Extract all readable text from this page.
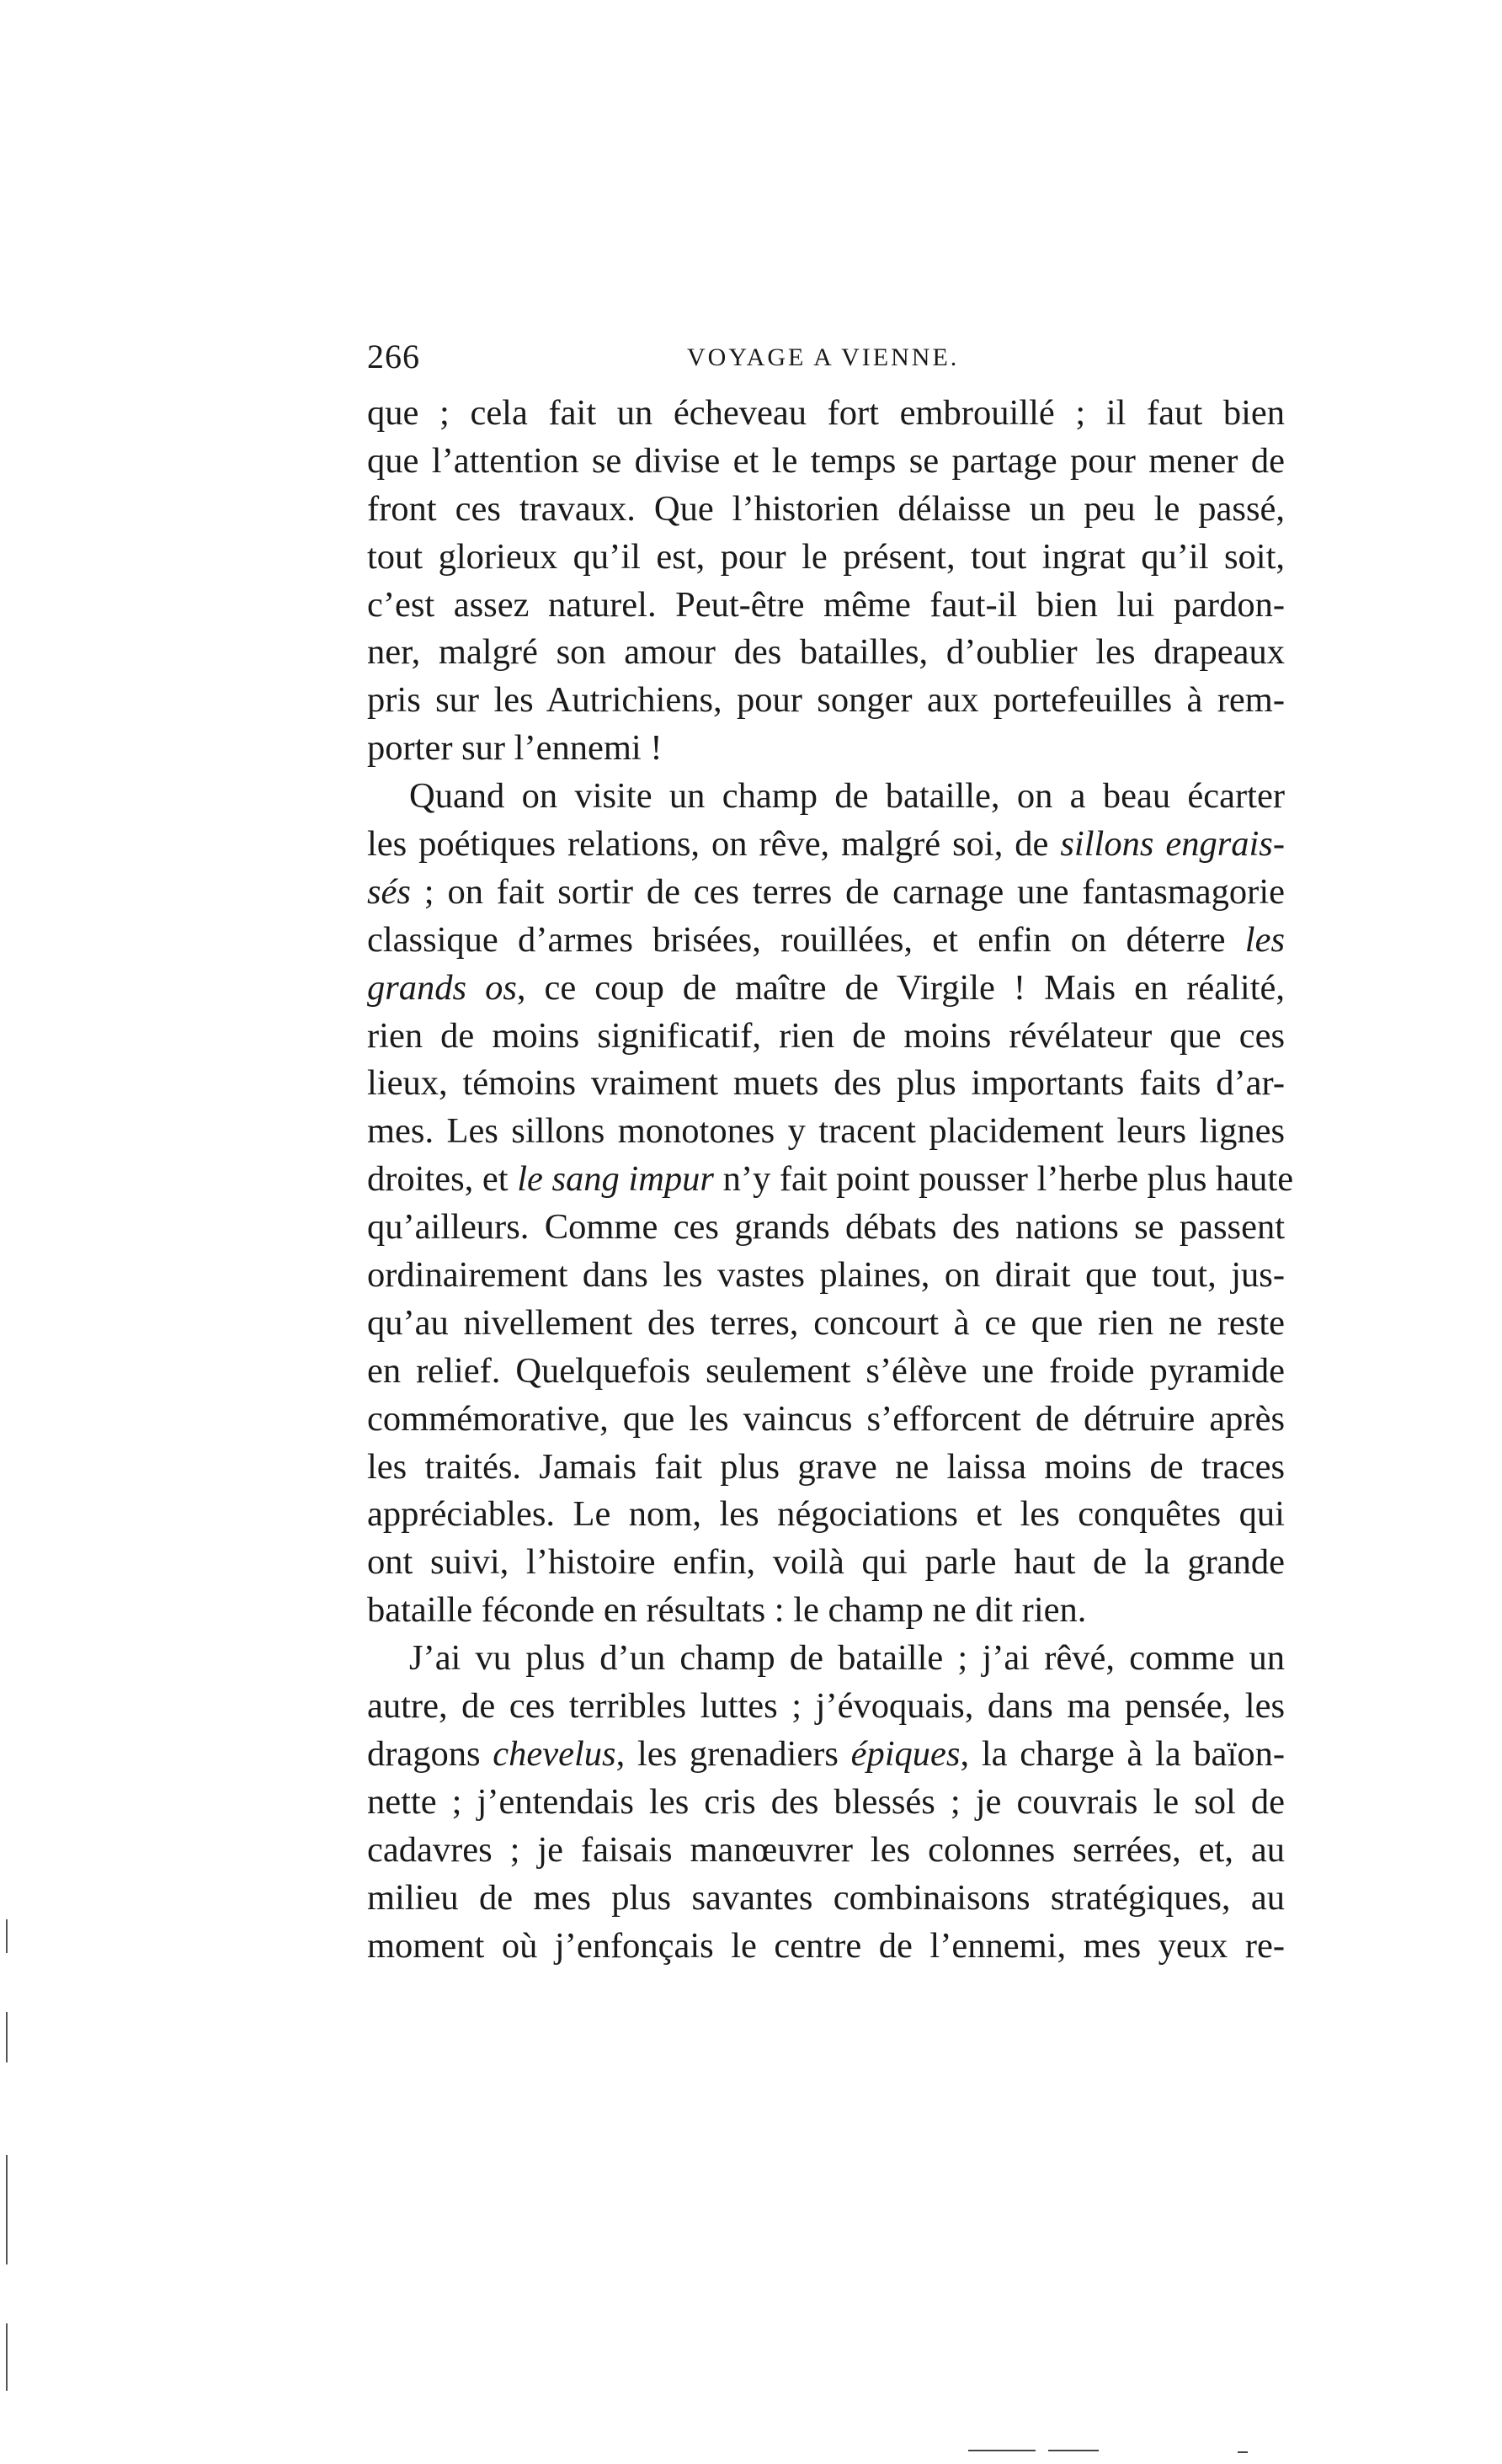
266	VOYAGE A VIENNE.
que ; cela fait un écheveau fort embrouillé ; il faut bien
que l’attention se divise et le temps se partage pour mener de
front ces travaux. Que l’historien délaisse un peu le passé,
tout glorieux qu’il est, pour le présent, tout ingrat qu’il soit,
c’est assez naturel. Peut-être même faut-il bien lui pardon-
ner, malgré son amour des batailles, d’oublier les drapeaux
pris sur les Autrichiens, pour songer aux portefeuilles à rem-
porter sur l’ennemi !
Quand on visite un champ de bataille, on a beau écarter
les poétiques relations, on rêve, malgré soi, de sillons engrais-
sés ; on fait sortir de ces terres de carnage une fantasmagorie
classique d’armes brisées, rouillées, et enfin on déterre les
grands os, ce coup de maître de Virgile ! Mais en réalité,
rien de moins significatif, rien de moins révélateur que ces
lieux, témoins vraiment muets des plus importants faits d’ar-
mes. Les sillons monotones y tracent placidement leurs lignes
droites, et le sang impur n’y fait point pousser l’herbe plus haute
qu’ailleurs. Comme ces grands débats des nations se passent
ordinairement dans les vastes plaines, on dirait que tout, jus-
qu’au nivellement des terres, concourt à ce que rien ne reste
en relief. Quelquefois seulement s’élève une froide pyramide
commémorative, que les vaincus s’efforcent de détruire après
les traités. Jamais fait plus grave ne laissa moins de traces
appréciables. Le nom, les négociations et les conquêtes qui
ont suivi, l’histoire enfin, voilà qui parle haut de la grande
bataille féconde en résultats : le champ ne dit rien.
J’ai vu plus d’un champ de bataille ; j’ai rêvé, comme un
autre, de ces terribles luttes ; j’évoquais, dans ma pensée, les
dragons chevelus, les grenadiers épiques, la charge à la baïon-
nette ; j’entendais les cris des blessés ; je couvrais le sol de
cadavres ; je faisais manœuvrer les colonnes serrées, et, au
milieu de mes plus savantes combinaisons stratégiques, au
moment où j’enfonçais le centre de l’ennemi, mes yeux re-
